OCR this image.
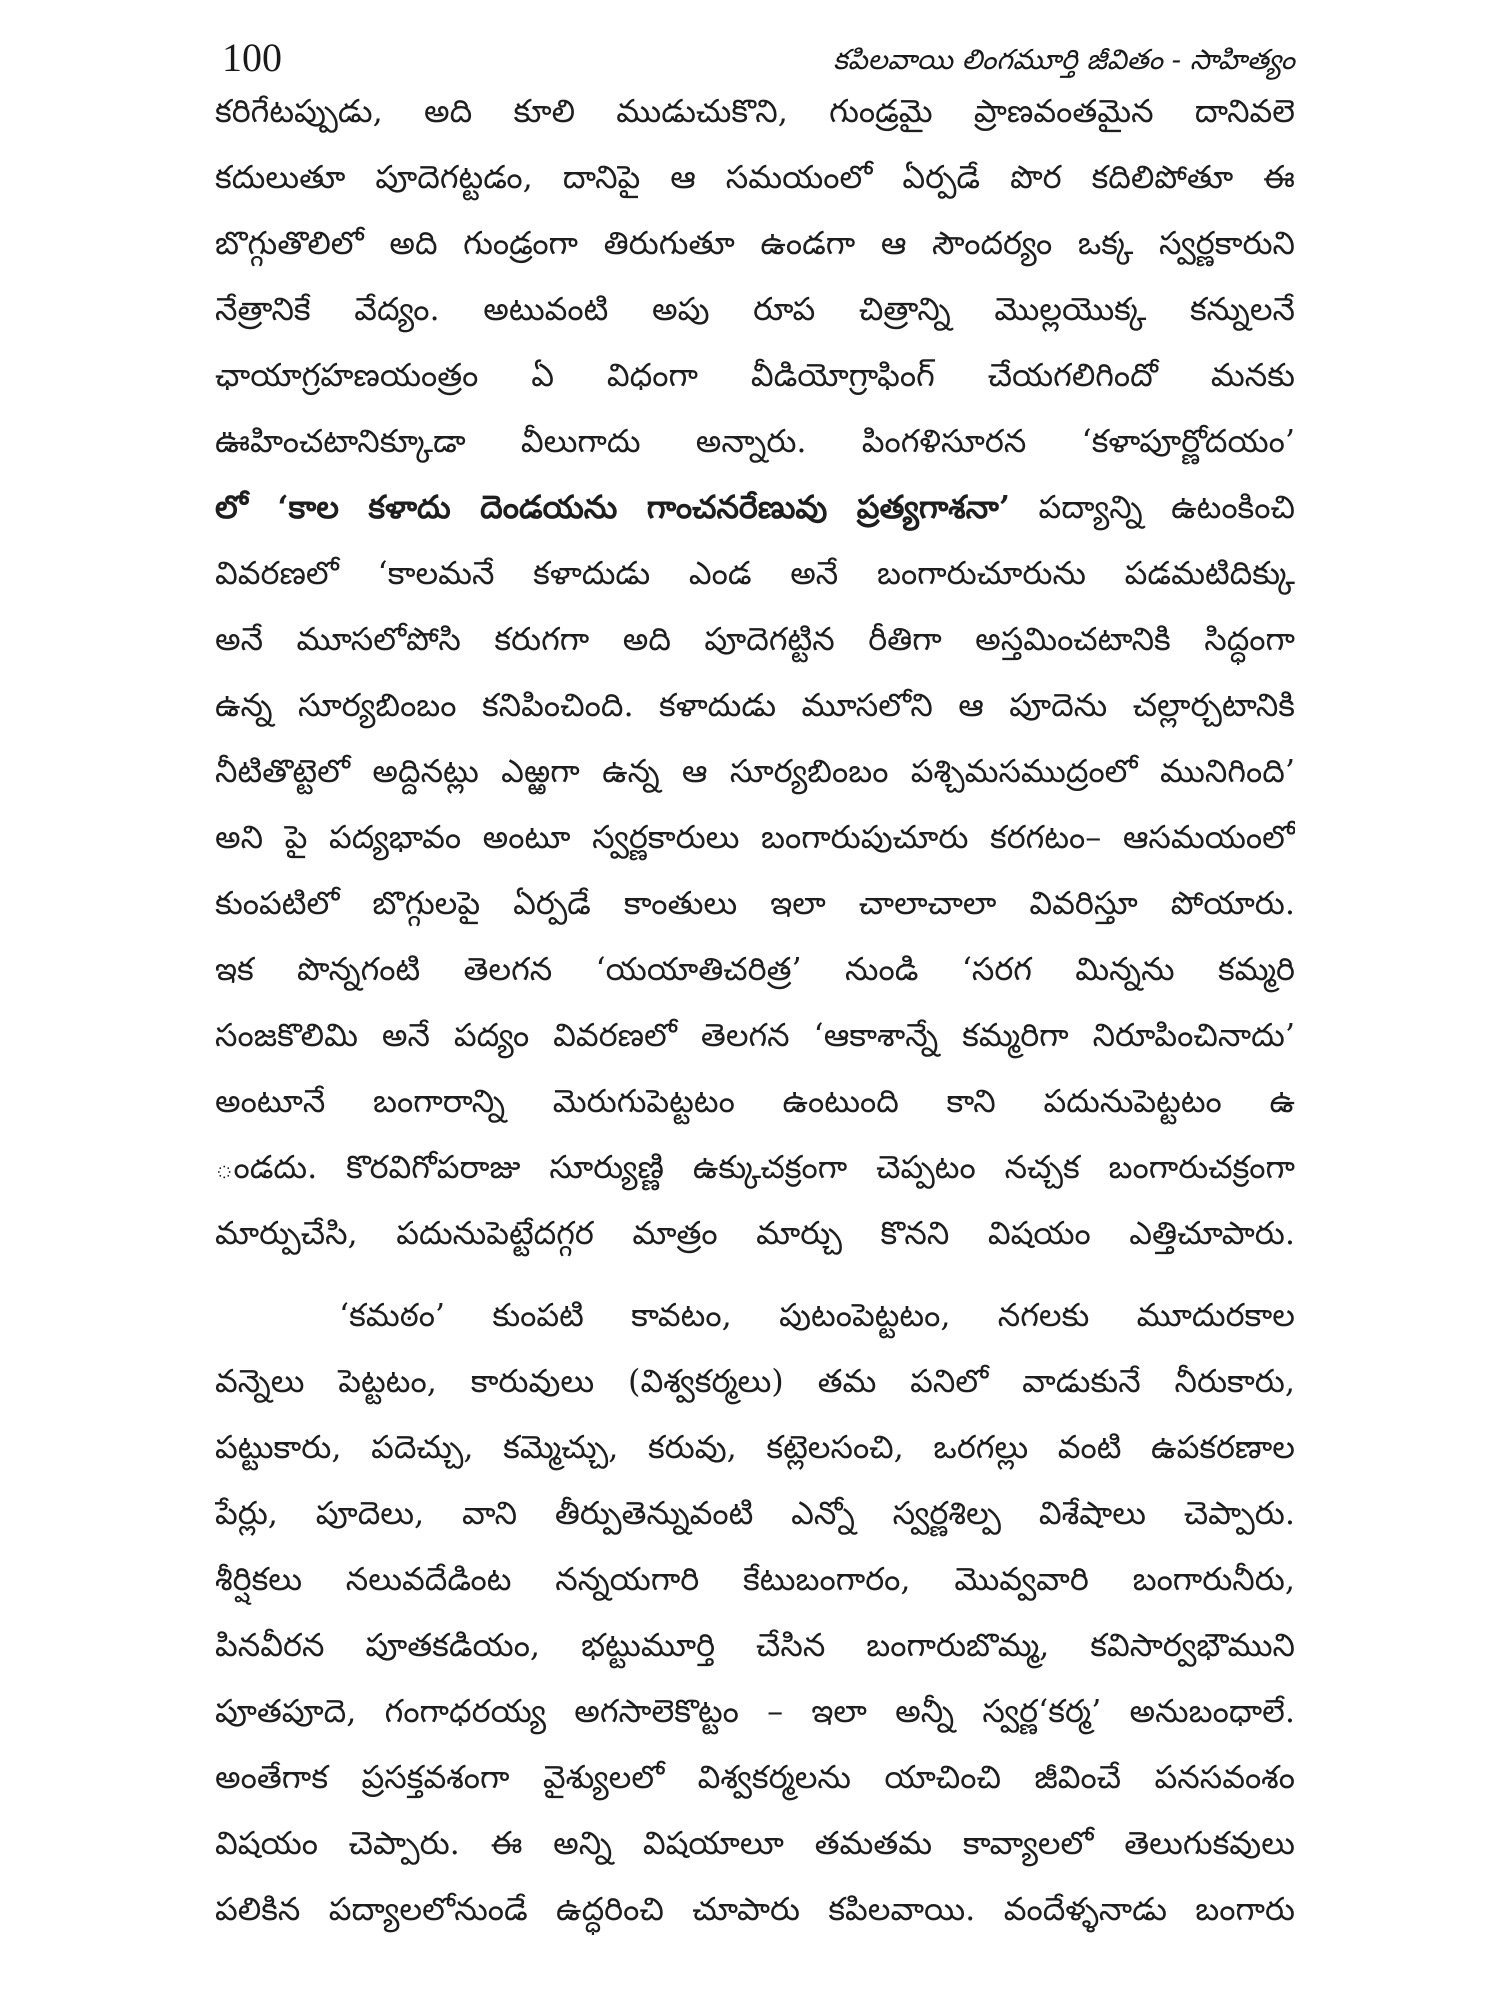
100	కపిలవాయి లింగమూర్తి జీవితం - సాహిత్యం
కరిగేటప్పుడు, అది కూలి ముడుచుకొని, గుండ్రమై ప్రాణవంతమైన దానివలె
కదులుతూ పూదెగట్టడం, దానిపై ఆ సమయంలో ఏర్పడే పొర కదిలిపోతూ ఈ
బొగ్గుతొలిలో అది గుండ్రంగా తిరుగుతూ ఉండగా ఆ సౌందర్యం ఒక్క స్వర్ణకారుని
నేత్రానికే వేద్యం. అటువంటి అపు రూప చిత్రాన్ని మొల్లయొక్క కన్నులనే
ఛాయాగ్రహణయంత్రం ఏ విధంగా వీడియోగ్రాఫింగ్ చేయగలిగిందో మనకు
ఊహించటానిక్కూడా వీలుగాదు అన్నారు. పింగళిసూరన ‘కళాపూర్ణోదయం’
లో ‘కాల కళాదు దెండయను గాంచనరేణువు ప్రత్యగాశనా’ పద్యాన్ని ఉటంకించి
వివరణలో ‘కాలమనే కళాదుడు ఎండ అనే బంగారుచూరును పడమటిదిక్కు
అనే మూసలోపోసి కరుగగా అది పూదెగట్టిన రీతిగా అస్తమించటానికి సిద్ధంగా
ఉన్న సూర్యబింబం కనిపించింది. కళాదుడు మూసలోని ఆ పూదెను చల్లార్చటానికి
నీటితొట్టెలో అద్దినట్లు ఎఱ్ఱగా ఉన్న ఆ సూర్యబింబం పశ్చిమసముద్రంలో మునిగింది’
అని పై పద్యభావం అంటూ స్వర్ణకారులు బంగారుపుచూరు కరగటం– ఆసమయంలో
కుంపటిలో బొగ్గులపై ఏర్పడే కాంతులు ఇలా చాలాచాలా వివరిస్తూ పోయారు.
ఇక పొన్నగంటి తెలగన ‘యయాతిచరిత్ర’ నుండి ‘సరగ మిన్నను కమ్మరి
సంజకొలిమి అనే పద్యం వివరణలో తెలగన ‘ఆకాశాన్నే కమ్మరిగా నిరూపించినాదు’
అంటూనే బంగారాన్ని మెరుగుపెట్టటం ఉంటుంది కాని పదునుపెట్టటం ఉ
ండదు. కొరవిగోపరాజు సూర్యుణ్ణి ఉక్కుచక్రంగా చెప్పటం నచ్చక బంగారుచక్రంగా
మార్పుచేసి, పదునుపెట్టేదగ్గర మాత్రం మార్చు కొనని విషయం ఎత్తిచూపారు.
‘కమఠం’ కుంపటి కావటం, పుటంపెట్టటం, నగలకు మూదురకాల
వన్నెలు పెట్టటం, కారువులు (విశ్వకర్మలు) తమ పనిలో వాడుకునే నీరుకారు,
పట్టుకారు, పదెచ్చు, కమ్మెచ్చు, కరువు, కట్లెలసంచి, ఒరగల్లు వంటి ఉపకరణాల
పేర్లు, పూదెలు, వాని తీర్పుతెన్నువంటి ఎన్నో స్వర్ణశిల్ప విశేషాలు చెప్పారు.
శీర్షికలు నలువదేడింట నన్నయగారి కేటుబంగారం, మొవ్వవారి బంగారునీరు,
పినవీరన పూతకడియం, భట్టుమూర్తి చేసిన బంగారుబొమ్మ, కవిసార్వభౌముని
పూతపూదె, గంగాధరయ్య అగసాలెకొట్టం – ఇలా అన్నీ స్వర్ణ‘కర్మ’ అనుబంధాలే.
అంతేగాక ప్రసక్తవశంగా వైశ్యులలో విశ్వకర్మలను యాచించి జీవించే పనసవంశం
విషయం చెప్పారు. ఈ అన్ని విషయాలూ తమతమ కావ్యాలలో తెలుగుకవులు
పలికిన పద్యాలలోనుండే ఉద్ధరించి చూపారు కపిలవాయి. వందేళ్ళనాడు బంగారు
